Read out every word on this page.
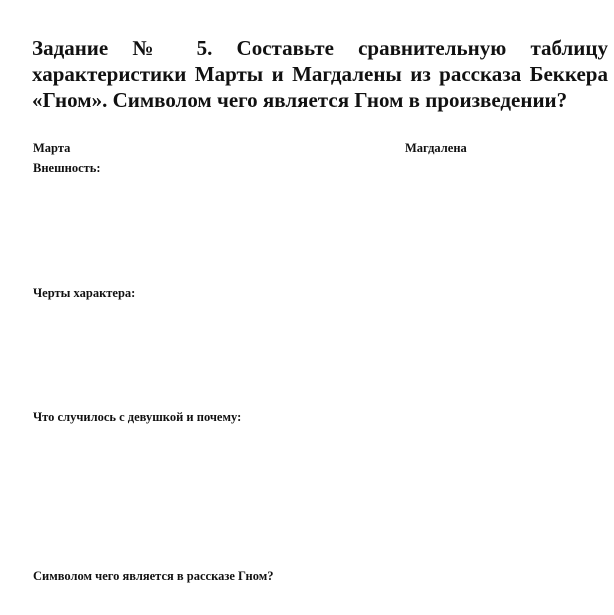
Задание № 5. Составьте сравнительную таблицу характеристики Марты и Магдалены из рассказа Беккера «Гном». Символом чего является Гном в произведении?

Марта	Магдалена
Внешность:
Черты характера:
Что случилось с девушкой и почему:
Символом чего является в рассказе Гном?
